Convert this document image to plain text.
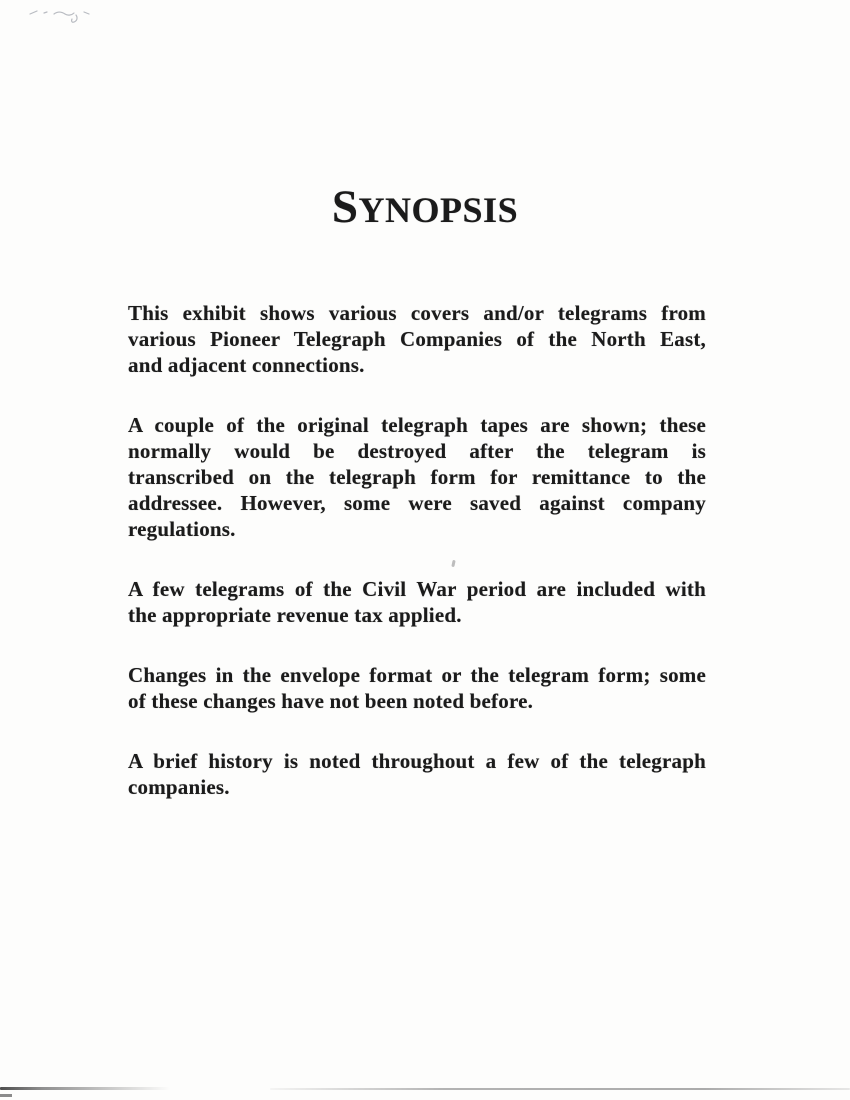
SYNOPSIS

This exhibit shows various covers and/or telegrams from
various Pioneer Telegraph Companies of the North East,
and adjacent connections.

A couple of the original telegraph tapes are shown; these
normally would be destroyed after the telegram is
transcribed on the telegraph form for remittance to the
addressee. However, some were saved against company
regulations.

A few telegrams of the Civil War period are included with
the appropriate revenue tax applied.

Changes in the envelope format or the telegram form; some
of these changes have not been noted before.

A brief history is noted throughout a few of the telegraph
companies.
